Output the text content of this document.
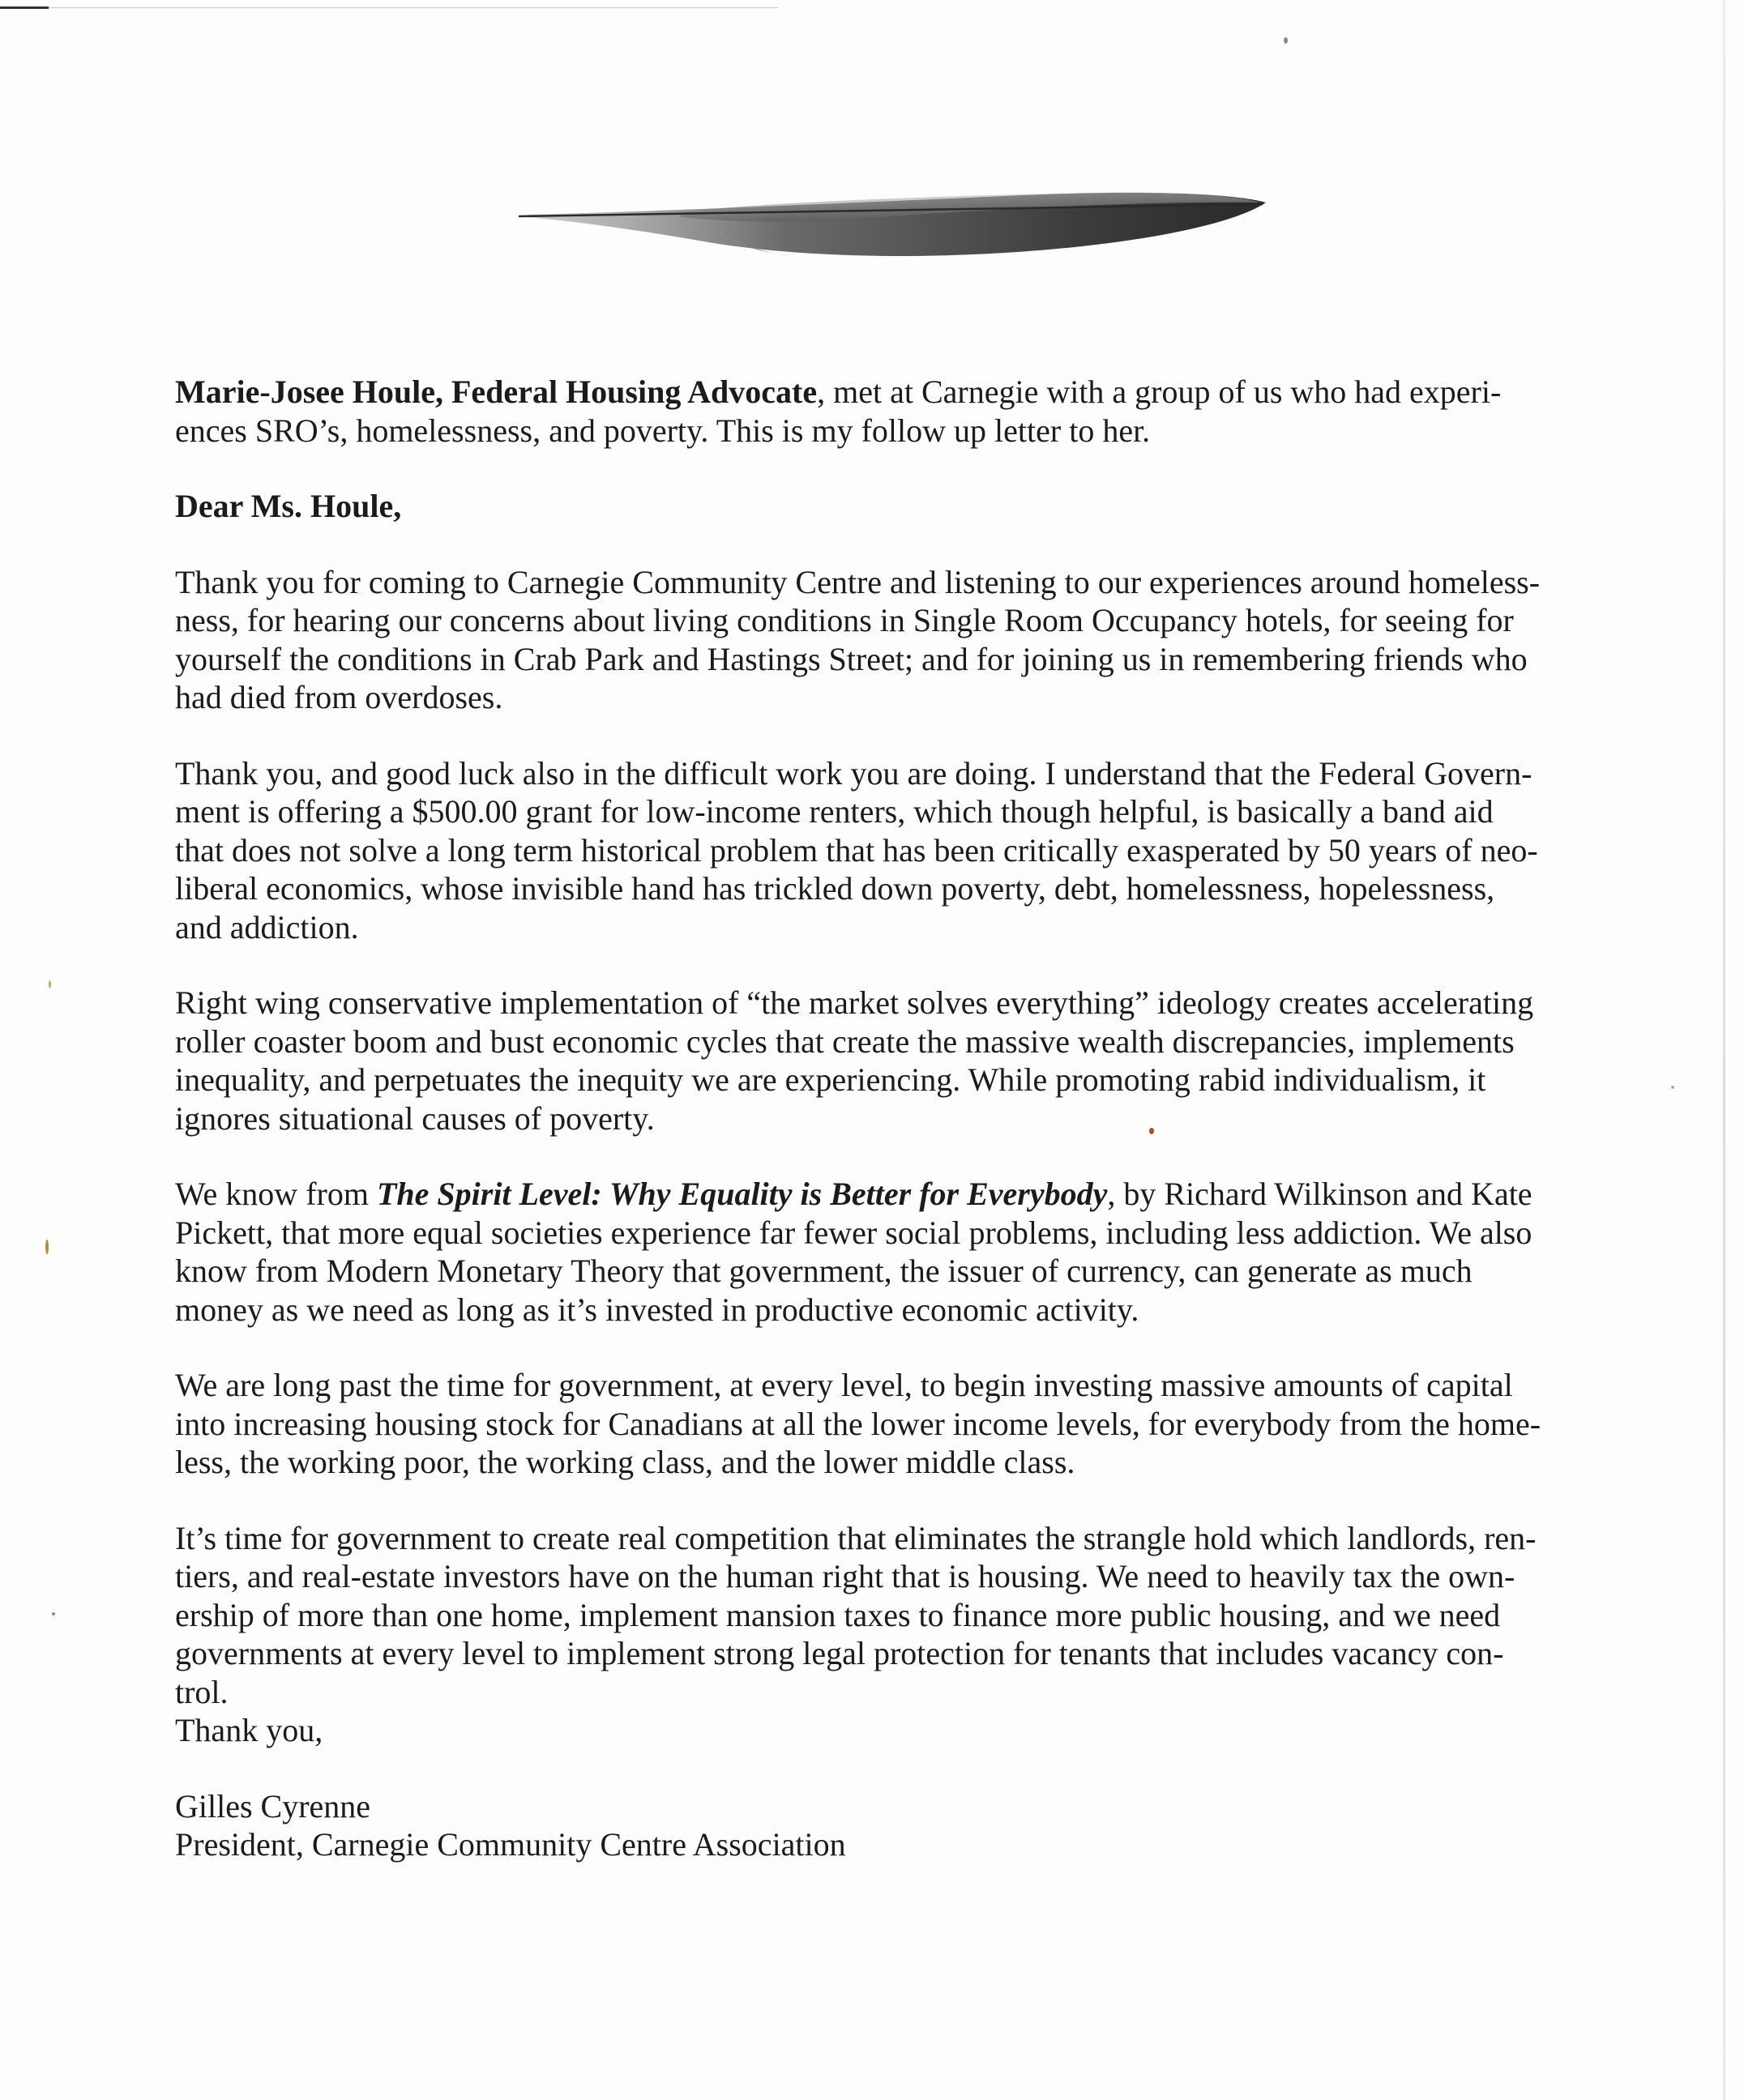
Marie-Josee Houle, Federal Housing Advocate, met at Carnegie with a group of us who had experi-
ences SRO’s, homelessness, and poverty. This is my follow up letter to her.

Dear Ms. Houle,

Thank you for coming to Carnegie Community Centre and listening to our experiences around homeless-
ness, for hearing our concerns about living conditions in Single Room Occupancy hotels, for seeing for
yourself the conditions in Crab Park and Hastings Street; and for joining us in remembering friends who
had died from overdoses.

Thank you, and good luck also in the difficult work you are doing. I understand that the Federal Govern-
ment is offering a $500.00 grant for low-income renters, which though helpful, is basically a band aid
that does not solve a long term historical problem that has been critically exasperated by 50 years of neo-
liberal economics, whose invisible hand has trickled down poverty, debt, homelessness, hopelessness,
and addiction.

Right wing conservative implementation of “the market solves everything” ideology creates accelerating
roller coaster boom and bust economic cycles that create the massive wealth discrepancies, implements
inequality, and perpetuates the inequity we are experiencing. While promoting rabid individualism, it
ignores situational causes of poverty.

We know from The Spirit Level: Why Equality is Better for Everybody, by Richard Wilkinson and Kate
Pickett, that more equal societies experience far fewer social problems, including less addiction. We also
know from Modern Monetary Theory that government, the issuer of currency, can generate as much
money as we need as long as it’s invested in productive economic activity.

We are long past the time for government, at every level, to begin investing massive amounts of capital
into increasing housing stock for Canadians at all the lower income levels, for everybody from the home-
less, the working poor, the working class, and the lower middle class.

It’s time for government to create real competition that eliminates the strangle hold which landlords, ren-
tiers, and real-estate investors have on the human right that is housing. We need to heavily tax the own-
ership of more than one home, implement mansion taxes to finance more public housing, and we need
governments at every level to implement strong legal protection for tenants that includes vacancy con-
trol.

Thank you,

Gilles Cyrenne
President, Carnegie Community Centre Association
